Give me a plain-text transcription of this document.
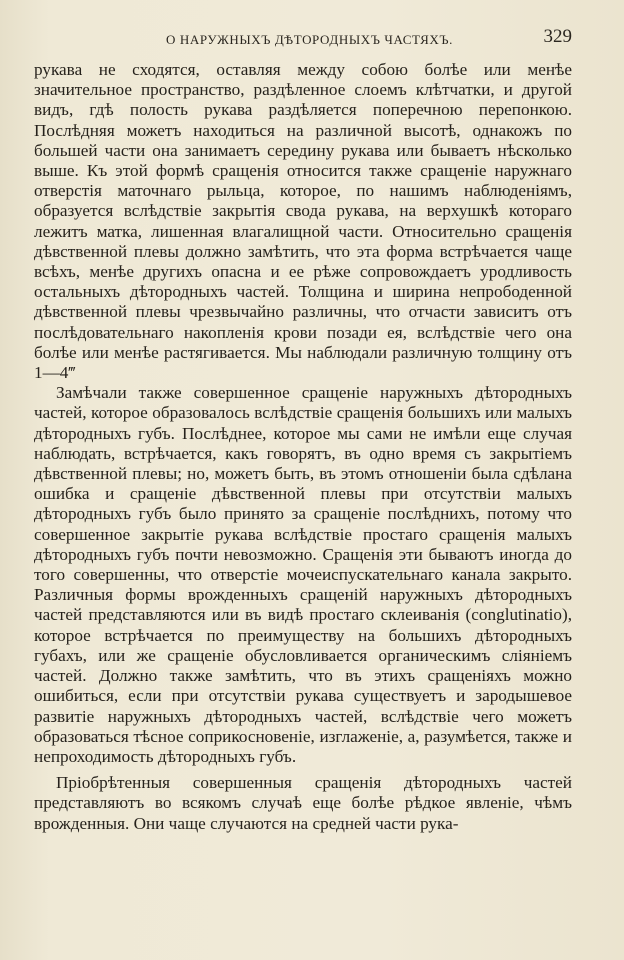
О НАРУЖНЫХЪ ДѢТОРОДНЫХЪ ЧАСТЯХЪ.	329

рукава не сходятся, оставляя между собою болѣе или менѣе значительное пространство, раздѣленное слоемъ клѣтчатки, и другой видъ, гдѣ полость рукава раздѣляется поперечною перепонкою. Послѣдняя можетъ находиться на различной высотѣ, однакожъ по большей части она занимаетъ середину рукава или бываетъ нѣсколько выше. Къ этой формѣ сращенія относится также сращеніе наружнаго отверстія маточнаго рыльца, которое, по нашимъ наблюденіямъ, образуется вслѣдствіе закрытія свода рукава, на верхушкѣ котораго лежитъ матка, лишенная влагалищной части. Относительно сращенія дѣвственной плевы должно замѣтить, что эта форма встрѣчается чаще всѣхъ, менѣе другихъ опасна и ее рѣже сопровождаетъ уродливость остальныхъ дѣтородныхъ частей. Толщина и ширина непрободенной дѣвственной плевы чрезвычайно различны, что отчасти зависитъ отъ послѣдовательнаго накопленія крови позади ея, вслѣдствіе чего она болѣе или менѣе растягивается. Мы наблюдали различную толщину отъ 1—4‴

Замѣчали также совершенное сращеніе наружныхъ дѣтородныхъ частей, которое образовалось вслѣдствіе сращенія большихъ или малыхъ дѣтородныхъ губъ. Послѣднее, которое мы сами не имѣли еще случая наблюдать, встрѣчается, какъ говорятъ, въ одно время съ закрытіемъ дѣвственной плевы; но, можетъ быть, въ этомъ отношеніи была сдѣлана ошибка и сращеніе дѣвственной плевы при отсутствіи малыхъ дѣтородныхъ губъ было принято за сращеніе послѣднихъ, потому что совершенное закрытіе рукава вслѣдствіе простаго сращенія малыхъ дѣтородныхъ губъ почти невозможно. Сращенія эти бываютъ иногда до того совершенны, что отверстіе мочеиспускательнаго канала закрыто. Различныя формы врожденныхъ сращеній наружныхъ дѣтородныхъ частей представляются или въ видѣ простаго склеиванія (conglutinatio), которое встрѣчается по преимуществу на большихъ дѣтородныхъ губахъ, или же сращеніе обусловливается органическимъ сліяніемъ частей. Должно также замѣтить, что въ этихъ сращеніяхъ можно ошибиться, если при отсутствіи рукава существуетъ и зародышевое развитіе наружныхъ дѣтородныхъ частей, вслѣдствіе чего можетъ образоваться тѣсное соприкосновеніе, изглаженіе, а, разумѣется, также и непроходимость дѣтородныхъ губъ.

Пріобрѣтенныя совершенныя сращенія дѣтородныхъ частей представляютъ во всякомъ случаѣ еще болѣе рѣдкое явленіе, чѣмъ врожденныя. Они чаще случаются на средней части рука-
